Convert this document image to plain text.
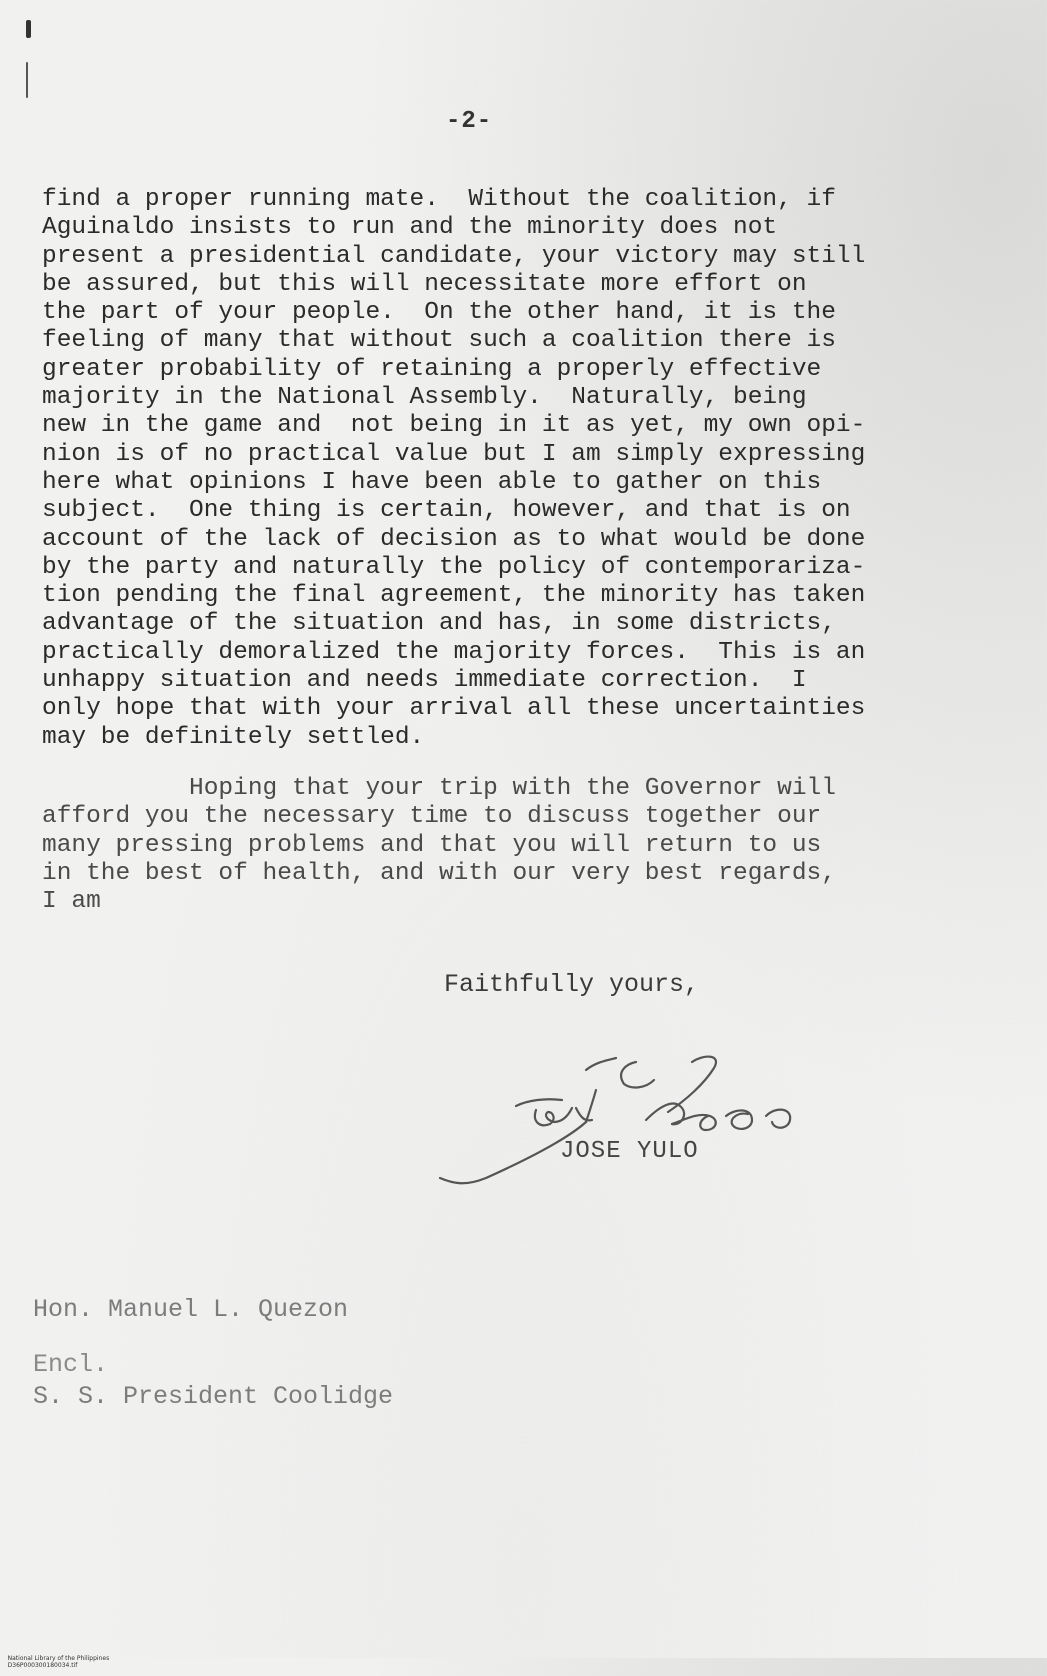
-2-
find a proper running mate.  Without the coalition, if
Aguinaldo insists to run and the minority does not
present a presidential candidate, your victory may still
be assured, but this will necessitate more effort on
the part of your people.  On the other hand, it is the
feeling of many that without such a coalition there is
greater probability of retaining a properly effective
majority in the National Assembly.  Naturally, being
new in the game and  not being in it as yet, my own opi-
nion is of no practical value but I am simply expressing
here what opinions I have been able to gather on this
subject.  One thing is certain, however, and that is on
account of the lack of decision as to what would be done
by the party and naturally the policy of contemporariza-
tion pending the final agreement, the minority has taken
advantage of the situation and has, in some districts,
practically demoralized the majority forces.  This is an
unhappy situation and needs immediate correction.  I
only hope that with your arrival all these uncertainties
may be definitely settled.
Hoping that your trip with the Governor will
afford you the necessary time to discuss together our
many pressing problems and that you will return to us
in the best of health, and with our very best regards,
I am
Faithfully yours,
JOSE YULO

Hon. Manuel L. Quezon

S. S. President Coolidge

Encl.

National Library of the Philippines
D36P000300180034.tif
